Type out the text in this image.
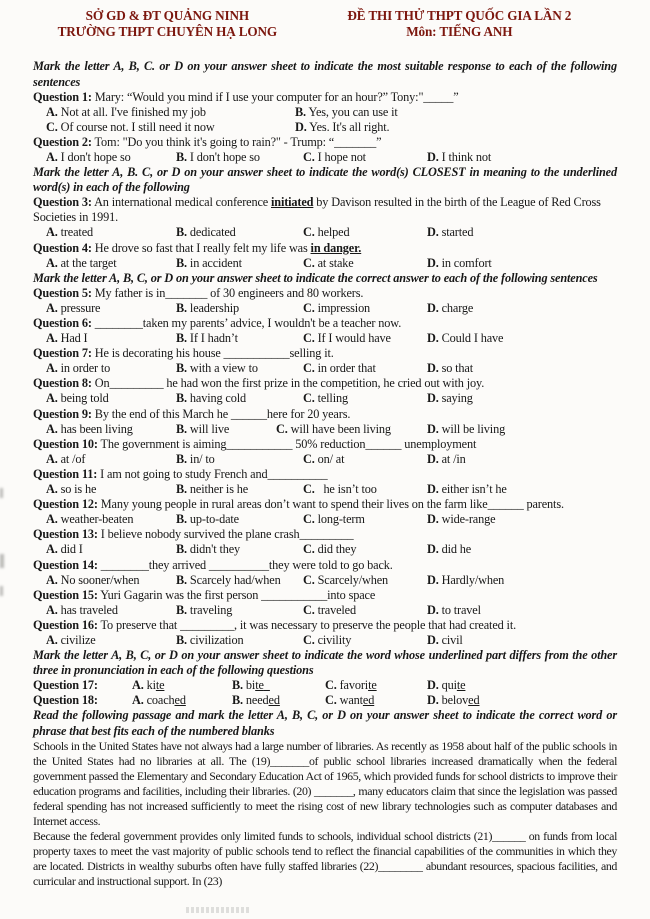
SỞ GD & ĐT QUẢNG NINH
TRƯỜNG THPT CHUYÊN HẠ LONG
ĐỀ THI THỬ THPT QUỐC GIA LẦN 2
Môn: TIẾNG ANH
Mark the letter A, B, C. or D on your answer sheet to indicate the most suitable response to each of the following sentences
Question 1: Mary: “Would you mind if I use your computer for an hour?” Tony:"_____”
A. Not at all. I've finished my job	B. Yes, you can use it
C. Of course not. I still need it now	D. Yes. It's all right.
Question 2: Tom: "Do you think it's going to rain?" - Trump: “_______”
A. I don't hope so	B. I don't hope so	C. I hope not	D. I think not
Mark the letter A, B. C, or D on your answer sheet to indicate the word(s) CLOSEST in meaning to the underlined word(s) in each of the following
Question 3: An international medical conference initiated by Davison resulted in the birth of the League of Red Cross Societies in 1991.
A. treated	B. dedicated	C. helped	D. started
Question 4: He drove so fast that I really felt my life was in danger.
A. at the target	B. in accident	C. at stake	D. in comfort
Mark the letter A, B, C, or D on your answer sheet to indicate the correct answer to each of the following sentences
Question 5: My father is in_______ of 30 engineers and 80 workers.
A. pressure	B. leadership	C. impression	D. charge
Question 6: ________taken my parents’ advice, I wouldn't be a teacher now.
A. Had I	B. If I hadn’t	C. If I would have	D. Could I have
Question 7: He is decorating his house ___________selling it.
A. in order to	B. with a view to	C. in order that	D. so that
Question 8: On_________ he had won the first prize in the competition, he cried out with joy.
A. being told	B. having cold	C. telling	D. saying
Question 9: By the end of this March he ______here for 20 years.
A. has been living	B. will live	C. will have been living	D. will be living
Question 10: The government is aiming___________ 50% reduction______ unemployment
A. at /of	B. in/ to	C. on/ at	D. at /in
Question 11: I am not going to study French and__________
A. so is he	B. neither is he	C. he isn’t too	D. either isn’t he
Question 12: Many young people in rural areas don’t want to spend their lives on the farm like______ parents.
A. weather-beaten	B. up-to-date	C. long-term	D. wide-range
Question 13: I believe nobody survived the plane crash_________
A. did I	B. didn't they	C. did they	D. did he
Question 14: ________they arrived __________they were told to go back.
A. No sooner/when	B. Scarcely had/when	C. Scarcely/when	D. Hardly/when
Question 15: Yuri Gagarin was the first person ___________into space
A. has traveled	B. traveling	C. traveled	D. to travel
Question 16: To preserve that _________, it was necessary to preserve the people that had created it.
A. civilize	B. civilization	C. civility	D. civil
Mark the letter A, B, C, or D on your answer sheet to indicate the word whose underlined part differs from the other three in pronunciation in each of the following questions
Question 17:	A. kite	B. bite_	C. favorite	D. quite
Question 18:	A. coached	B. needed	C. wanted	D. beloved
Read the following passage and mark the letter A, B, C, or D on your answer sheet to indicate the correct word or phrase that best fits each of the numbered blanks

Schools in the United States have not always had a large number of libraries. As recently as 1958 about half of the public schools in the United States had no libraries at all. The (19)_______of public school libraries increased dramatically when the federal government passed the Elementary and Secondary Education Act of 1965, which provided funds for school districts to improve their education programs and facilities, including their libraries. (20) _______, many educators claim that since the legislation was passed federal spending has not increased sufficiently to meet the rising cost of new library technologies such as computer databases and Internet access.

Because the federal government provides only limited funds to schools, individual school districts (21)______ on funds from local property taxes to meet the vast majority of public schools tend to reflect the financial capabilities of the communities in which they are located. Districts in wealthy suburbs often have fully staffed libraries (22)________ abundant resources, spacious facilities, and curricular and instructional support. In (23)
